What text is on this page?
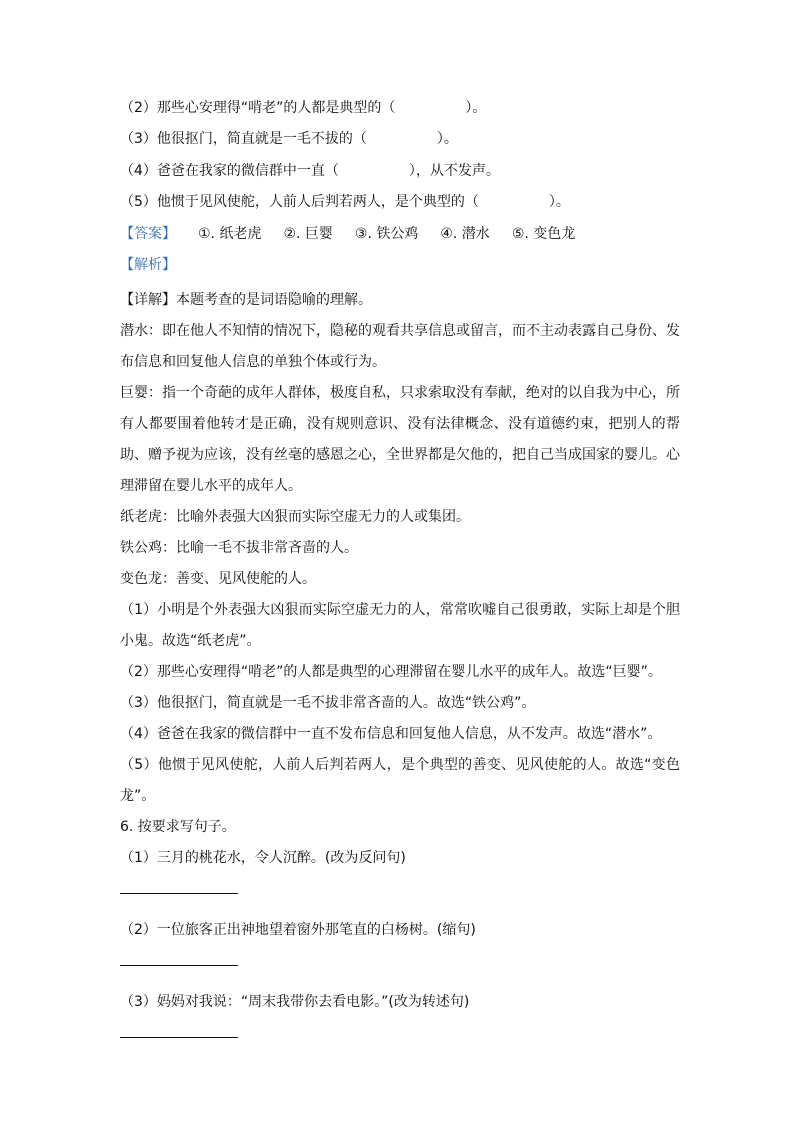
（2）那些心安理得“啃老”的人都是典型的（　　　　　）。
（3）他很抠门，简直就是一毛不拔的（　　　　　）。
（4）爸爸在我家的微信群中一直（　　　　　），从不发声。
（5）他惯于见风使舵，人前人后判若两人，是个典型的（　　　　　）。
【答案】 ①. 纸老虎 ②. 巨婴 ③. 铁公鸡 ④. 潜水 ⑤. 变色龙
【解析】

【详解】本题考查的是词语隐喻的理解。

潜水：即在他人不知情的情况下，隐秘的观看共享信息或留言，而不主动表露自己身份、发布信息和回复他人信息的单独个体或行为。

巨婴：指一个奇葩的成年人群体，极度自私，只求索取没有奉献，绝对的以自我为中心，所有人都要围着他转才是正确，没有规则意识、没有法律概念、没有道德约束，把别人的帮助、赠予视为应该，没有丝毫的感恩之心，全世界都是欠他的，把自己当成国家的婴儿。心理滞留在婴儿水平的成年人。

纸老虎：比喻外表强大凶狠而实际空虚无力的人或集团。

铁公鸡：比喻一毛不拔非常吝啬的人。

变色龙：善变、见风使舵的人。

（1）小明是个外表强大凶狠而实际空虚无力的人，常常吹嘘自己很勇敢，实际上却是个胆小鬼。故选“纸老虎”。

（2）那些心安理得“啃老”的人都是典型的心理滞留在婴儿水平的成年人。故选“巨婴”。

（3）他很抠门，简直就是一毛不拔非常吝啬的人。故选“铁公鸡”。

（4）爸爸在我家的微信群中一直不发布信息和回复他人信息，从不发声。故选“潜水”。

（5）他惯于见风使舵，人前人后判若两人，是个典型的善变、见风使舵的人。故选“变色龙”。

6. 按要求写句子。

（1）三月的桃花水，令人沉醉。(改为反问句)

（2）一位旅客正出神地望着窗外那笔直的白杨树。(缩句)

（3）妈妈对我说：“周末我带你去看电影。”(改为转述句)
